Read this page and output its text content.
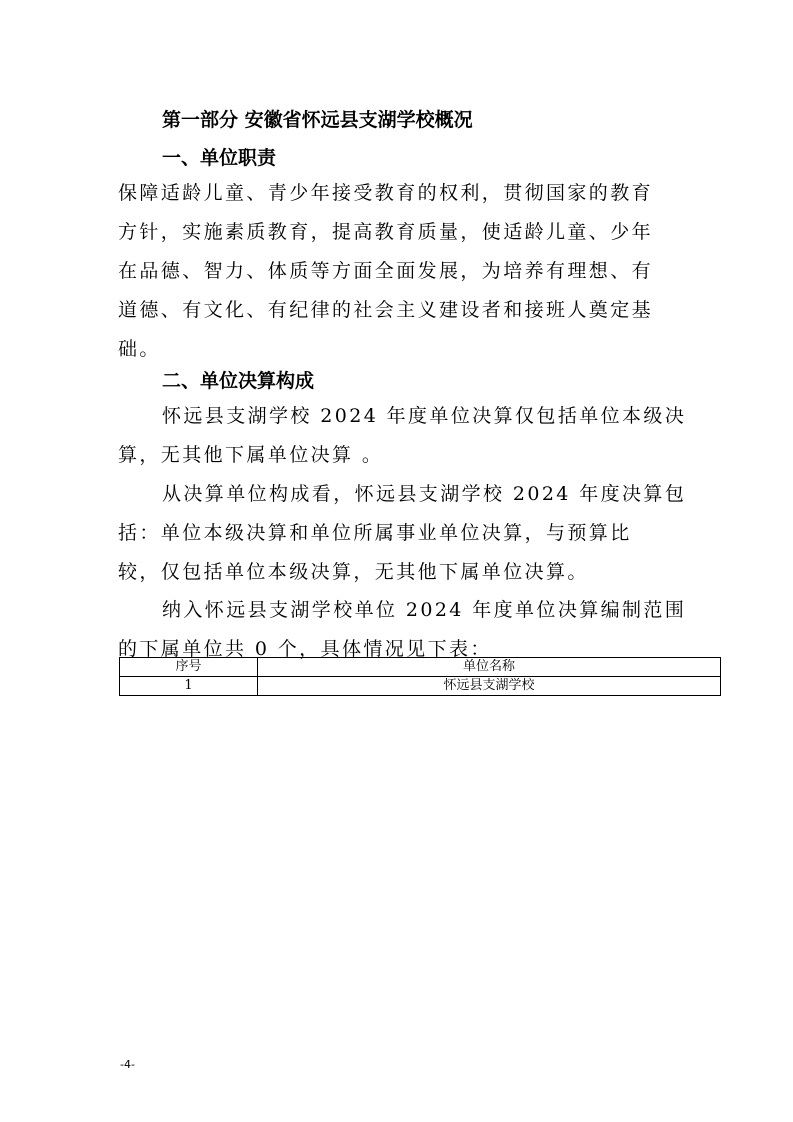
第一部分 安徽省怀远县支湖学校概况
一、单位职责
保障适龄儿童、青少年接受教育的权利，贯彻国家的教育
方针，实施素质教育，提高教育质量，使适龄儿童、少年
在品德、智力、体质等方面全面发展，为培养有理想、有
道德、有文化、有纪律的社会主义建设者和接班人奠定基
础。
二、单位决算构成
怀远县支湖学校 2024 年度单位决算仅包括单位本级决
算，无其他下属单位决算 。
从决算单位构成看，怀远县支湖学校 2024 年度决算包
括：单位本级决算和单位所属事业单位决算，与预算比
较，仅包括单位本级决算，无其他下属单位决算。
纳入怀远县支湖学校单位 2024 年度单位决算编制范围
的下属单位共 0 个，具体情况见下表：
序号	单位名称
1	怀远县支湖学校
-4-
